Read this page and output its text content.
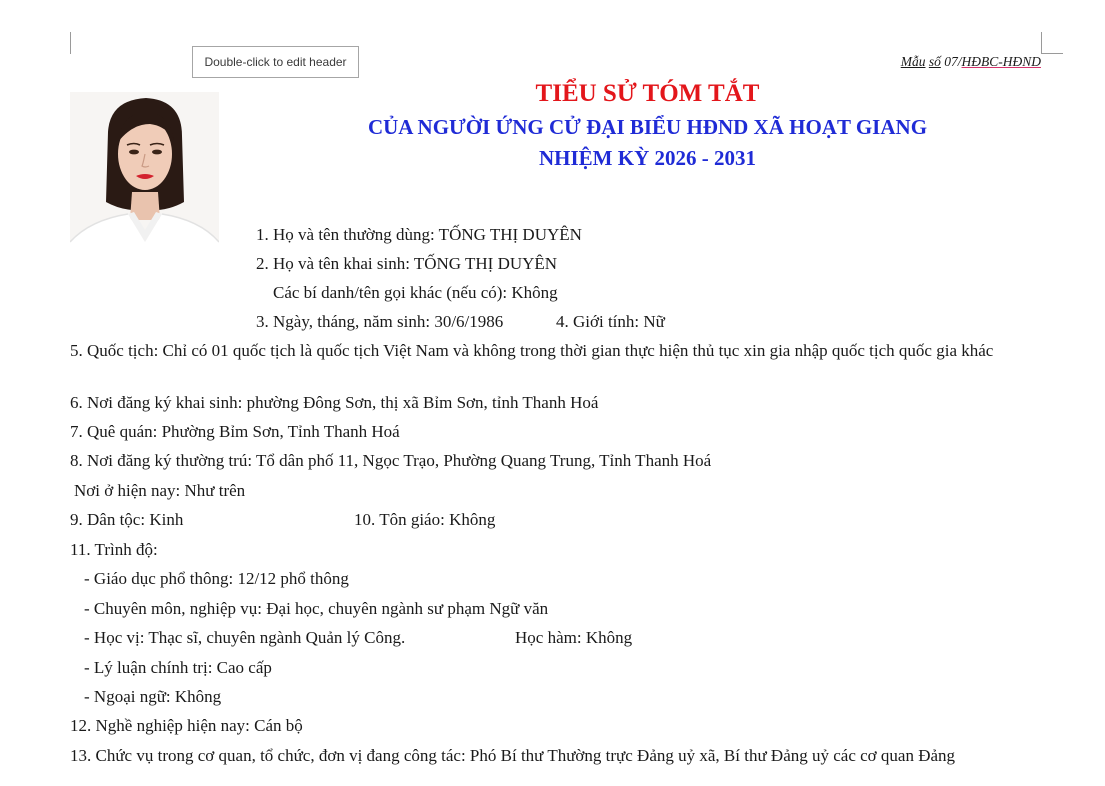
Double-click to edit header	Mẫu số 07/HĐBC-HĐND
TIỂU SỬ TÓM TẮT
CỦA NGƯỜI ỨNG CỬ ĐẠI BIỂU HĐND XÃ HOẠT GIANG
NHIỆM KỲ 2026 - 2031
1. Họ và tên thường dùng: TỐNG THỊ DUYÊN
2. Họ và tên khai sinh: TỐNG THỊ DUYÊN
Các bí danh/tên gọi khác (nếu có): Không
3. Ngày, tháng, năm sinh: 30/6/1986	4. Giới tính: Nữ
5. Quốc tịch: Chỉ có 01 quốc tịch là quốc tịch Việt Nam và không trong thời gian thực hiện thủ tục xin gia nhập quốc tịch quốc gia khác
6. Nơi đăng ký khai sinh: phường Đông Sơn, thị xã Bỉm Sơn, tỉnh Thanh Hoá
7. Quê quán: Phường Bỉm Sơn, Tỉnh Thanh Hoá
8. Nơi đăng ký thường trú: Tổ dân phố 11, Ngọc Trạo, Phường Quang Trung, Tỉnh Thanh Hoá
Nơi ở hiện nay: Như trên
9. Dân tộc: Kinh	10. Tôn giáo: Không
11. Trình độ:
- Giáo dục phổ thông: 12/12 phổ thông
- Chuyên môn, nghiệp vụ: Đại học, chuyên ngành sư phạm Ngữ văn
- Học vị: Thạc sĩ, chuyên ngành Quản lý Công.	Học hàm: Không
- Lý luận chính trị: Cao cấp
- Ngoại ngữ: Không
12. Nghề nghiệp hiện nay: Cán bộ
13. Chức vụ trong cơ quan, tổ chức, đơn vị đang công tác: Phó Bí thư Thường trực Đảng uỷ xã, Bí thư Đảng uỷ các cơ quan Đảng
